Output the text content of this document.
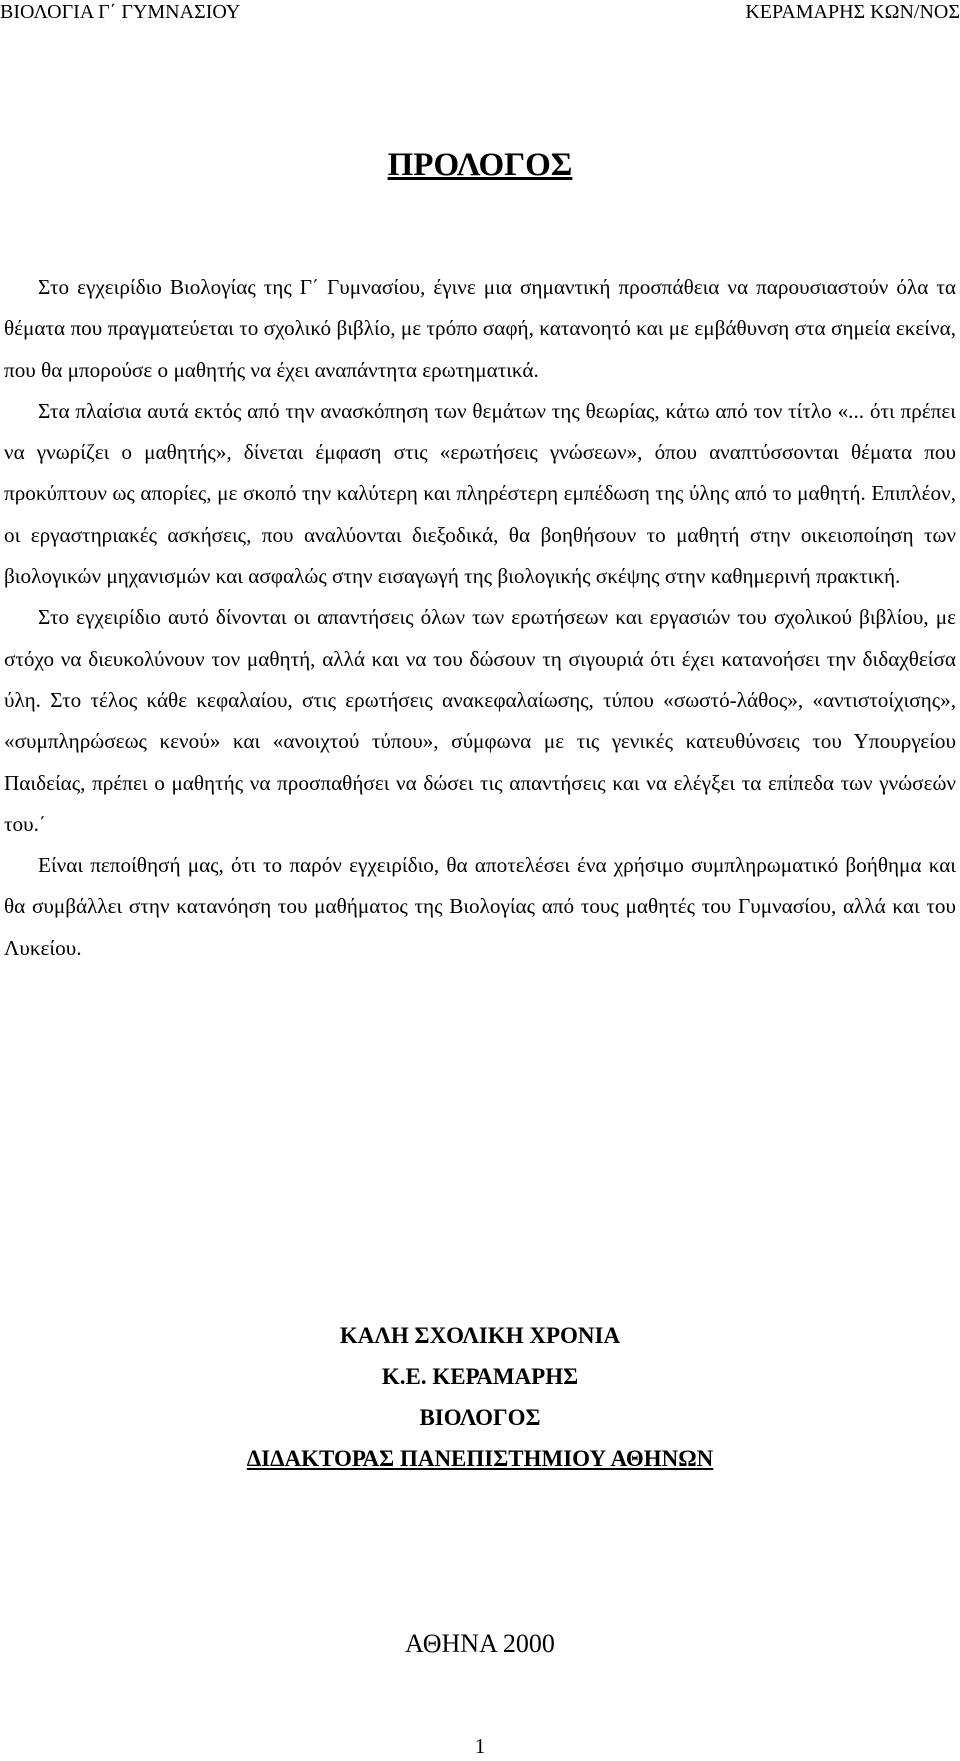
ΒΙΟΛΟΓΙΑ Γ΄ ΓΥΜΝΑΣΙΟΥ	ΚΕΡΑΜΑΡΗΣ ΚΩΝ/ΝΟΣ
ΠΡΟΛΟΓΟΣ

Στο εγχειρίδιο Βιολογίας της Γ΄ Γυμνασίου, έγινε μια σημαντική προσπάθεια να παρουσιαστούν όλα τα θέματα που πραγματεύεται το σχολικό βιβλίο, με τρόπο σαφή, κατανοητό και με εμβάθυνση στα σημεία εκείνα, που θα μπορούσε ο μαθητής να έχει αναπάντητα ερωτηματικά.

Στα πλαίσια αυτά εκτός από την ανασκόπηση των θεμάτων της θεωρίας, κάτω από τον τίτλο «... ότι πρέπει να γνωρίζει ο μαθητής», δίνεται έμφαση στις «ερωτήσεις γνώσεων», όπου αναπτύσσονται θέματα που προκύπτουν ως απορίες, με σκοπό την καλύτερη και πληρέστερη εμπέδωση της ύλης από το μαθητή. Επιπλέον, οι εργαστηριακές ασκήσεις, που αναλύονται διεξοδικά, θα βοηθήσουν το μαθητή στην οικειοποίηση των βιολογικών μηχανισμών και ασφαλώς στην εισαγωγή της βιολογικής σκέψης στην καθημερινή πρακτική.

Στο εγχειρίδιο αυτό δίνονται οι απαντήσεις όλων των ερωτήσεων και εργασιών του σχολικού βιβλίου, με στόχο να διευκολύνουν τον μαθητή, αλλά και να του δώσουν τη σιγουριά ότι έχει κατανοήσει την διδαχθείσα ύλη. Στο τέλος κάθε κεφαλαίου, στις ερωτήσεις ανακεφαλαίωσης, τύπου «σωστό-λάθος», «αντιστοίχισης», «συμπληρώσεως κενού» και «ανοιχτού τύπου», σύμφωνα με τις γενικές κατευθύνσεις του Υπουργείου Παιδείας, πρέπει ο μαθητής να προσπαθήσει να δώσει τις απαντήσεις και να ελέγξει τα επίπεδα των γνώσεών του.΄

Είναι πεποίθησή μας, ότι το παρόν εγχειρίδιο, θα αποτελέσει ένα χρήσιμο συμπληρωματικό βοήθημα και θα συμβάλλει στην κατανόηση του μαθήματος της Βιολογίας από τους μαθητές του Γυμνασίου, αλλά και του Λυκείου.

ΚΑΛΗ ΣΧΟΛΙΚΗ ΧΡΟΝΙΑ
Κ.Ε. ΚΕΡΑΜΑΡΗΣ
ΒΙΟΛΟΓΟΣ
ΔΙΔΑΚΤΟΡΑΣ ΠΑΝΕΠΙΣΤΗΜΙΟΥ ΑΘΗΝΩΝ
ΑΘΗΝΑ 2000
1
